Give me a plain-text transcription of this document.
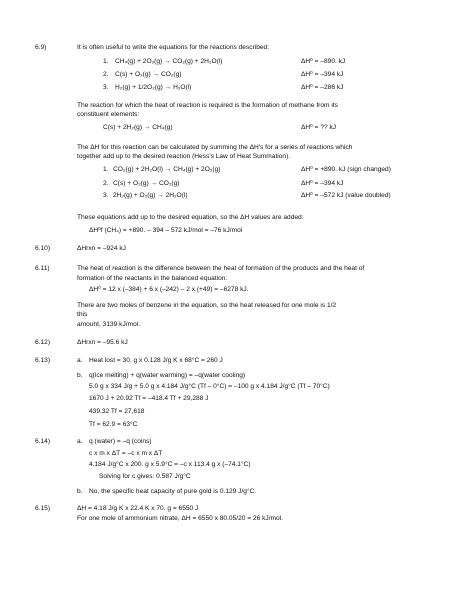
6.9)	It is often useful to write the equations for the reactions described:
1. CH₄(g) + 2O₂(g) → CO₂(g) + 2H₂O(l)	ΔH⁰ = –890. kJ
2. C(s) + O₂(g) → CO₂(g)	ΔH⁰ = –394 kJ
3. H₂(g) + 1/2O₂(g) → H₂O(l)	ΔH⁰ = –286 kJ
The reaction for which the heat of reaction is required is the formation of methane from its
constituent elements:
C(s) + 2H₂(g) → CH₄(g)	ΔH⁰ = ?? kJ
The ΔH for this reaction can be calculated by summing the ΔH's for a series of reactions which
together add up to the desired reaction (Hess's Law of Heat Summation).
1. CO₂(g) + 2H₂O(l) → CH₄(g) + 2O₂(g)	ΔH⁰ = +890. kJ (sign changed)
2. C(s) + O₂(g) → CO₂(g)	ΔH⁰ = –394 kJ
3. 2H₂(g) + O₂(g) → 2H₂O(l)	ΔH⁰ = –572 kJ (value doubled)
These equations add up to the desired equation, so the ΔH values are added:
ΔH⁰f (CH₄) = +890. – 394 – 572 kJ/mol = –76 kJ/mol
6.10)	ΔHrxn = –924 kJ
6.11)	The heat of reaction is the difference between the heat of formation of the products and the heat of
formation of the reactants in the balanced equation:
ΔH⁰ = 12 x (–384) + 6 x (–242) – 2 x (+49) = –6278 kJ.
There are two moles of benzene in the equation, so the heat released for one mole is 1/2
this
amount, 3139 kJ/mol.
6.12)	ΔHrxn = –95.6 kJ
6.13)	a. Heat lost = 30. g x 0.128 J/g K x 68°C = 260 J
b. q(ice melting) + q(water warming) = –q(water cooling)
5.0 g x 334 J/g + 5.0 g x 4.184 J/g°C (Tf – 0°C) = –100 g x 4.184 J/g°C (Tf – 70°C)
1670 J + 20.92 Tf = –418.4 Tf + 29,288 J
439.32 Tf = 27,618
Tf = 62.9 = 63°C
6.14)	a. q (water) = –q (coins)
c x m x ΔT = –c x m x ΔT
4.184 J/g°C x 200. g x 5.9°C = –c x 113.4 g x (–74.1°C)
Solving for c gives: 0.587 J/g°C
b. No, the specific heat capacity of pure gold is 0.129 J/g°C.
6.15)	ΔH = 4.18 J/g K x 22.4 K x 70. g = 6550 J
For one mole of ammonium nitrate, ΔH = 6550 x 80.05/20 = 26 kJ/mol.
